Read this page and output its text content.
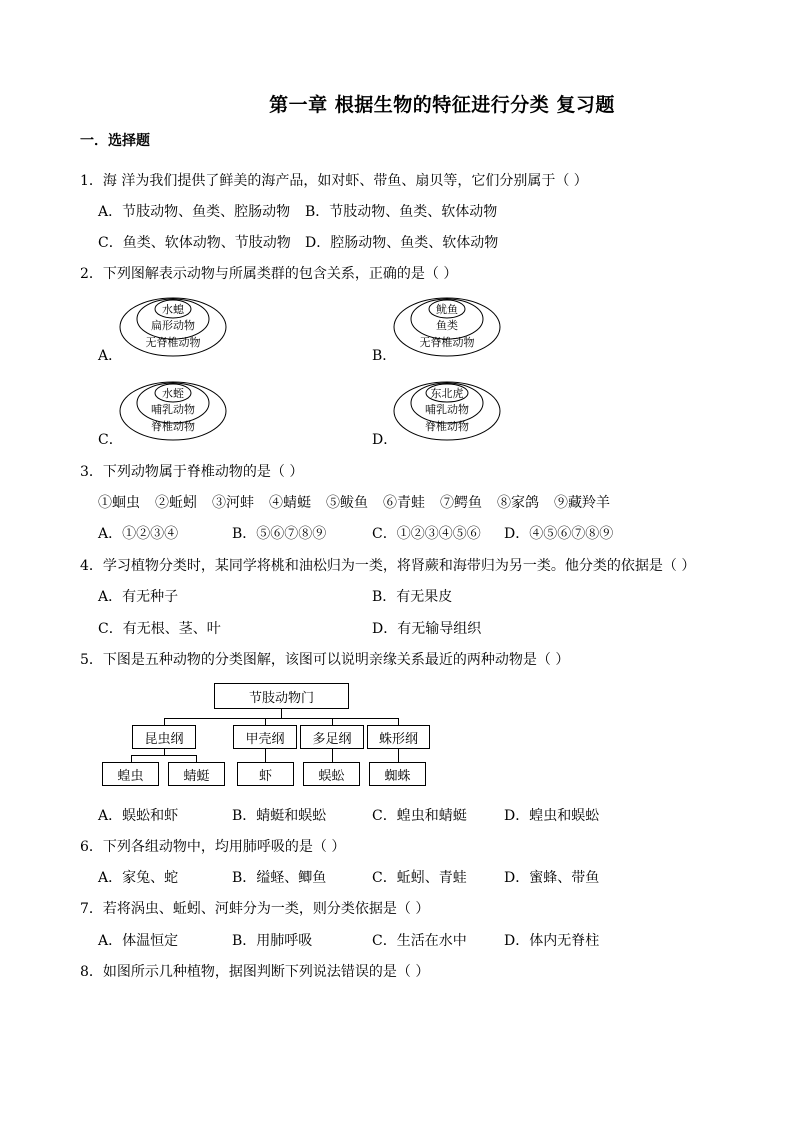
第一章 根据生物的特征进行分类 复习题
一．选择题
1．海 洋为我们提供了鲜美的海产品，如对虾、带鱼、扇贝等，它们分别属于（ ）
A．节肢动物、鱼类、腔肠动物 B．节肢动物、鱼类、软体动物
C．鱼类、软体动物、节肢动物 D．腔肠动物、鱼类、软体动物
2．下列图解表示动物与所属类群的包含关系，正确的是（ ）
A．
水螅
扁形动物
无脊椎动物
B．
鱿鱼
鱼类
无脊椎动物
C．
水蛭
哺乳动物
脊椎动物
D．
东北虎
哺乳动物
脊椎动物
3．下列动物属于脊椎动物的是（ ）
①蛔虫 ②蚯蚓 ③河蚌 ④蜻蜓 ⑤鲅鱼 ⑥青蛙 ⑦鳄鱼 ⑧家鸽 ⑨藏羚羊
A．①②③④	B．⑤⑥⑦⑧⑨	C．①②③④⑤⑥ D．④⑤⑥⑦⑧⑨
4．学习植物分类时，某同学将桃和油松归为一类，将肾蕨和海带归为另一类。他分类的依据是（ ）
A．有无种子	B．有无果皮
C．有无根、茎、叶	D．有无输导组织
5．下图是五种动物的分类图解，该图可以说明亲缘关系最近的两种动物是（ ）
节肢动物门
昆虫纲	甲壳纲	多足纲	蛛形纲
蝗虫	蜻蜓	虾	蜈蚣	蜘蛛
A．蜈蚣和虾	B．蜻蜓和蜈蚣	C．蝗虫和蜻蜓	D．蝗虫和蜈蚣
6．下列各组动物中，均用肺呼吸的是（ ）
A．家兔、蛇	B．缢蛏、鲫鱼	C．蚯蚓、青蛙	D．蜜蜂、带鱼
7．若将涡虫、蚯蚓、河蚌分为一类，则分类依据是（ ）
A．体温恒定	B．用肺呼吸	C．生活在水中	D．体内无脊柱
8．如图所示几种植物，据图判断下列说法错误的是（ ）
